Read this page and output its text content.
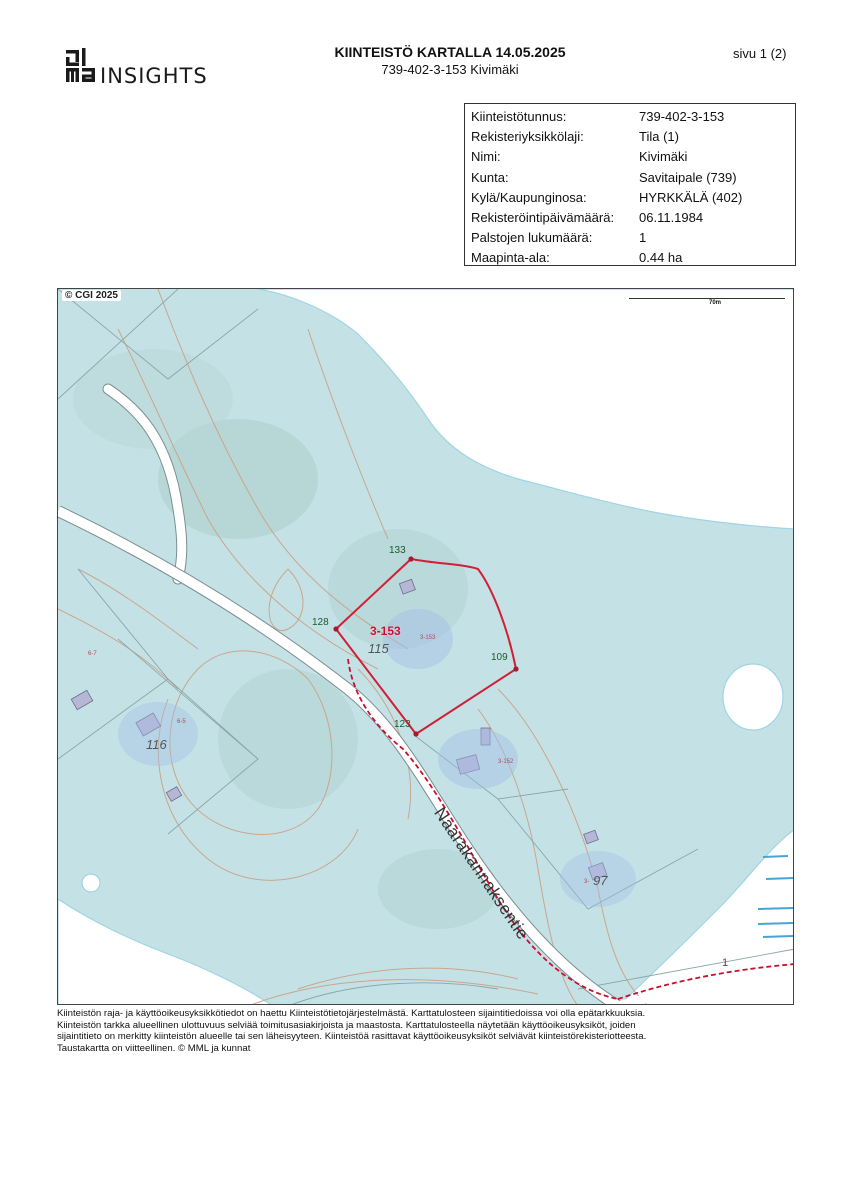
INSIGHTS
KIINTEISTÖ KARTALLA 14.05.2025
739-402-3-153 Kivimäki
sivu 1 (2)
Kiinteistötunnus:	739-402-3-153
Rekisteriyksikkölaji:	Tila (1)
Nimi:	Kivimäki
Kunta:	Savitaipale (739)
Kylä/Kaupunginosa:	HYRKKÄLÄ (402)
Rekisteröintipäivämäärä: 06.11.1984
Palstojen lukumäärä:	1
Maapinta-ala:	0.44 ha
© CGI 2025
70m
133
128
109
123
3-153
115
3-153
3-152
6-5
6-7
3-
116
97
Naarakannaksentie
1
Kiinteistön raja- ja käyttöoikeusyksikkötiedot on haettu Kiinteistötietojärjestelmästä. Karttatulosteen sijaintitiedoissa voi olla epätarkkuuksia.
Kiinteistön tarkka alueellinen ulottuvuus selviää toimitusasiakirjoista ja maastosta. Karttatulosteella näytetään käyttöoikeusyksiköt, joiden
sijaintitieto on merkitty kiinteistön alueelle tai sen läheisyyteen. Kiinteistöä rasittavat käyttöoikeusyksiköt selviävät kiinteistörekisteriotteesta.
Taustakartta on viitteellinen. © MML ja kunnat
